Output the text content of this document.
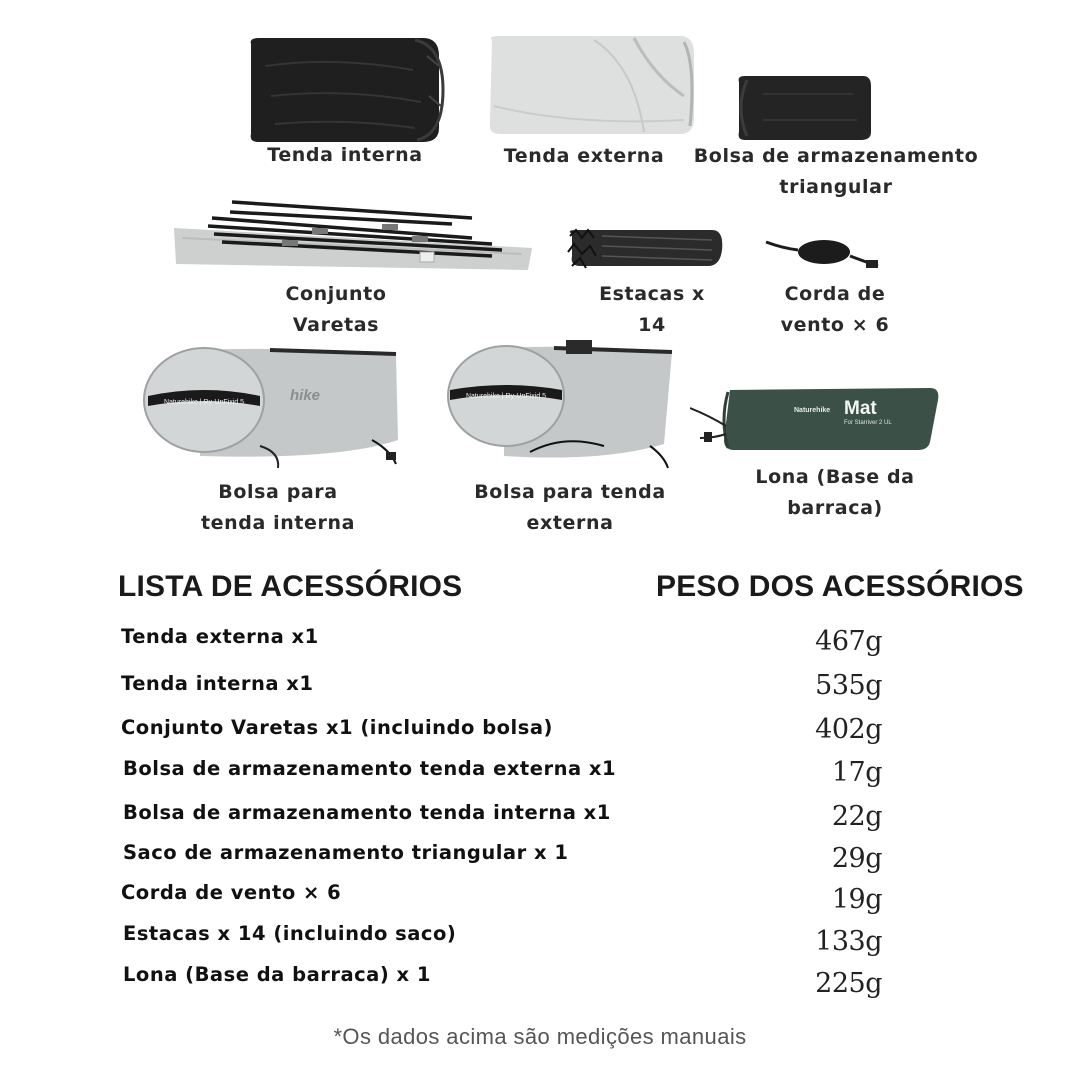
Tenda interna	Tenda externa	Bolsa de armazenamento
triangular
Conjunto
Varetas
Estacas x
14
Corda de
vento × 6
Naturehike | Ry-UnFixid.5	hike	Naturehike | Ry-UnFixid.5
Naturehike Mat
For Starriver 2 UL
Bolsa para
tenda interna
Bolsa para tenda
externa
Lona (Base da
barraca)
LISTA DE ACESSÓRIOS	PESO DOS ACESSÓRIOS
Tenda externa x1	467g
Tenda interna x1	535g
Conjunto Varetas x1 (incluindo bolsa)	402g
Bolsa de armazenamento tenda externa x1	17g
Bolsa de armazenamento tenda interna x1	22g
Saco de armazenamento triangular x 1	29g
Corda de vento × 6	19g
Estacas x 14 (incluindo saco)	133g
Lona (Base da barraca) x 1	225g
*Os dados acima são medições manuais
